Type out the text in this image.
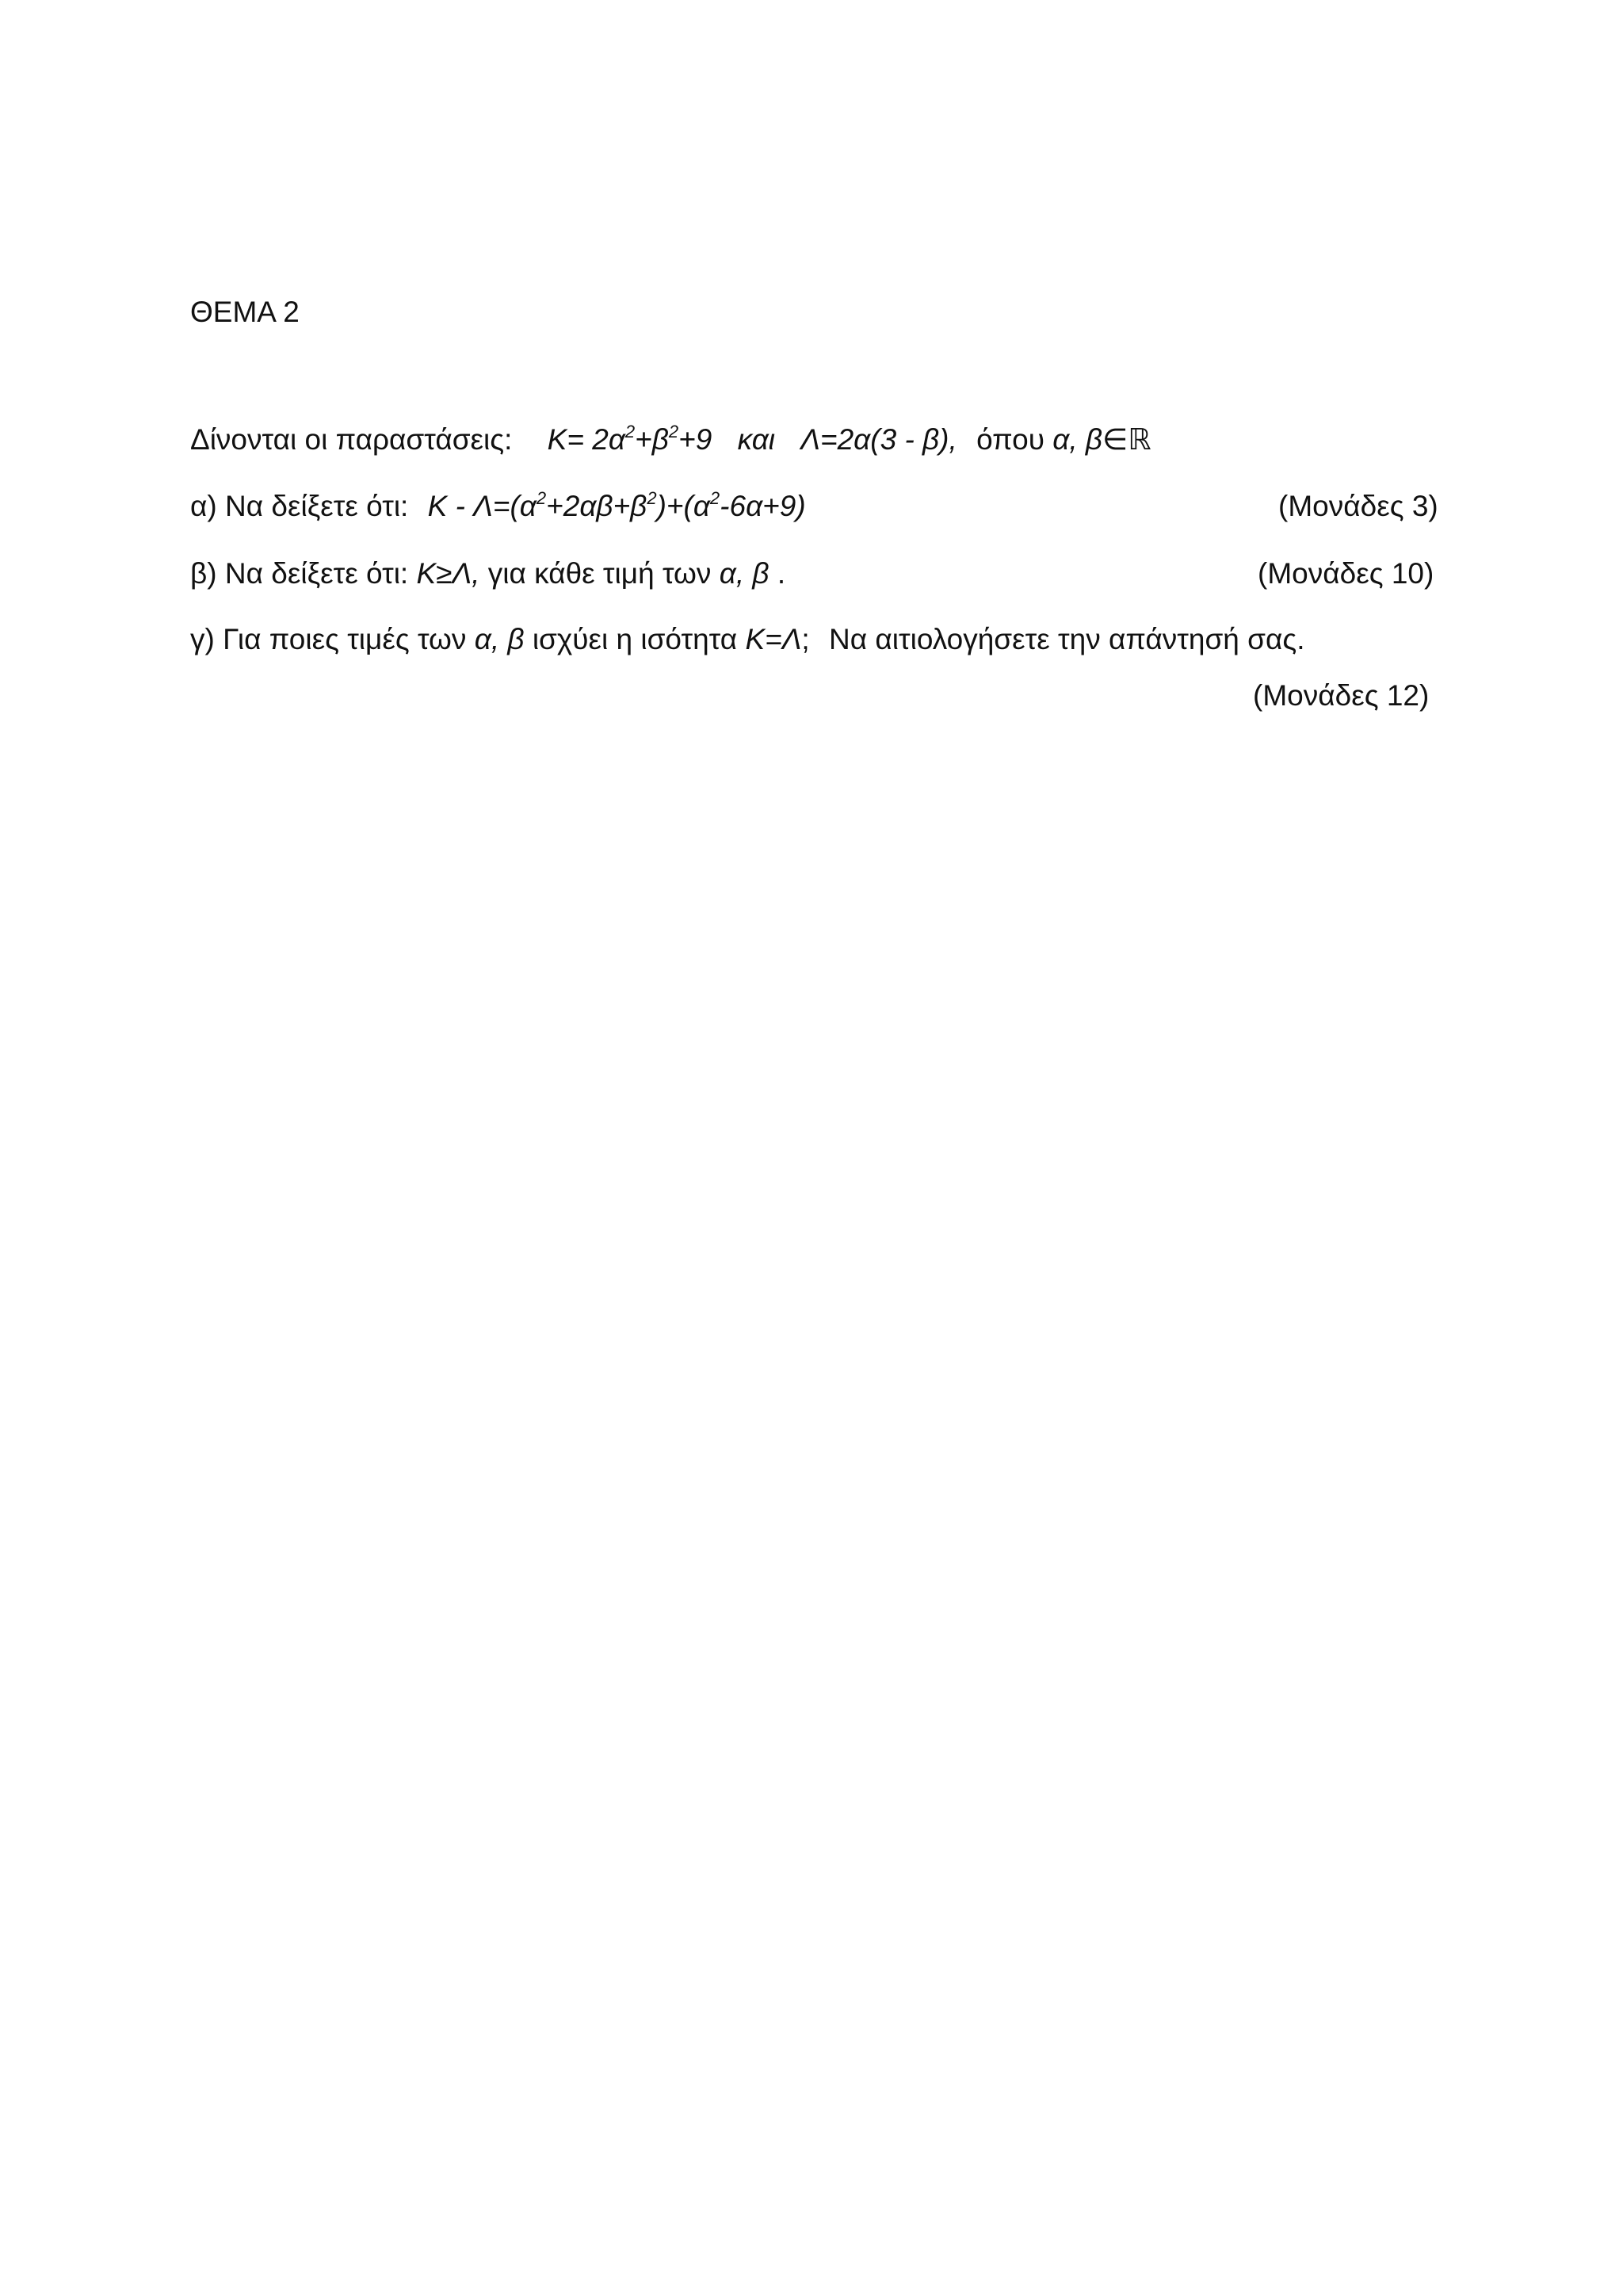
ΘΕΜΑ 2
Δίνονται οι παραστάσεις: $K= 2\alpha^2+\beta^2+9$ και Λ=2α(3 - β), όπου α, β∈ℝ
α) Να δείξετε ότι: $K - \Lambda=(\alpha^2+2\alpha\beta+\beta^2)+(\alpha^2-6\alpha+9)$	(Μονάδες 3)
β) Να δείξετε ότι: K≥Λ, για κάθε τιμή των α, β .	(Μονάδες 10)
γ) Για ποιες τιμές των α, β ισχύει η ισότητα K=Λ; Να αιτιολογήσετε την απάντησή σας.
(Μονάδες 12)
